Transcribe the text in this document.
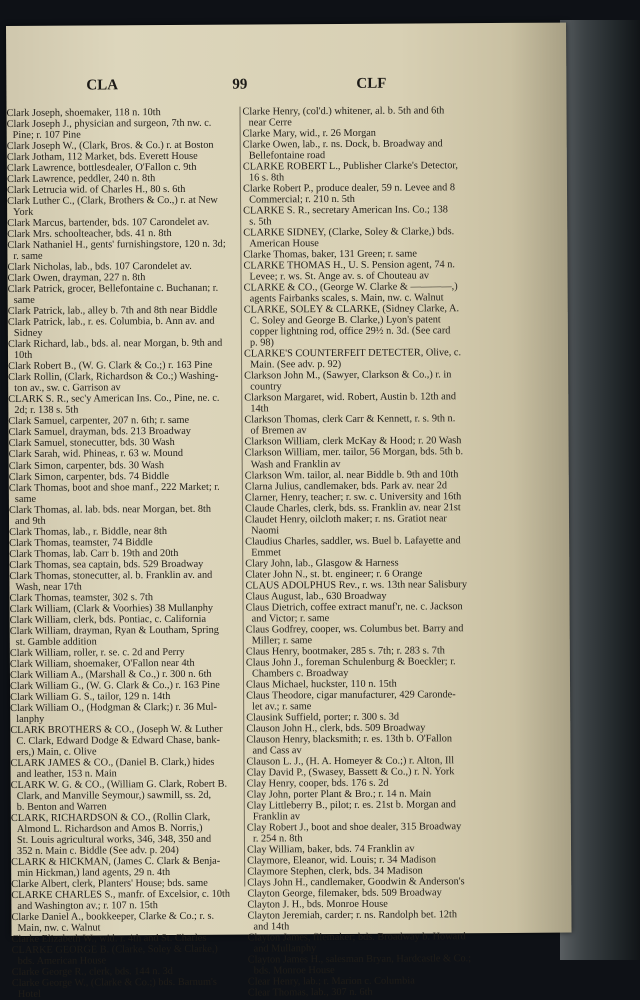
CLA	99	CLF
Clark Joseph, shoemaker, 118 n. 10th
Clark Joseph J., physician and surgeon, 7th nw. c.
Pine; r. 107 Pine
Clark Joseph W., (Clark, Bros. & Co.) r. at Boston
Clark Jotham, 112 Market, bds. Everett House
Clark Lawrence, bottlesdealer, O'Fallon c. 9th
Clark Lawrence, peddler, 240 n. 8th
Clark Letrucia wid. of Charles H., 80 s. 6th
Clark Luther C., (Clark, Brothers & Co.,) r. at New
York
Clark Marcus, bartender, bds. 107 Carondelet av.
Clark Mrs. schoolteacher, bds. 41 n. 8th
Clark Nathaniel H., gents' furnishingstore, 120 n. 3d;
r. same
Clark Nicholas, lab., bds. 107 Carondelet av.
Clark Owen, drayman, 227 n. 8th
Clark Patrick, grocer, Bellefontaine c. Buchanan; r.
same
Clark Patrick, lab., alley b. 7th and 8th near Biddle
Clark Patrick, lab., r. es. Columbia, b. Ann av. and
Sidney
Clark Richard, lab., bds. al. near Morgan, b. 9th and
10th
Clark Robert B., (W. G. Clark & Co.;) r. 163 Pine
Clark Rollin, (Clark, Richardson & Co.;) Washing-
ton av., sw. c. Garrison av
CLARK S. R., sec'y American Ins. Co., Pine, ne. c.
2d; r. 138 s. 5th
Clark Samuel, carpenter, 207 n. 6th; r. same
Clark Samuel, drayman, bds. 213 Broadway
Clark Samuel, stonecutter, bds. 30 Wash
Clark Sarah, wid. Phineas, r. 63 w. Mound
Clark Simon, carpenter, bds. 30 Wash
Clark Simon, carpenter, bds. 74 Biddle
Clark Thomas, boot and shoe manf., 222 Market; r.
same
Clark Thomas, al. lab. bds. near Morgan, bet. 8th
and 9th
Clark Thomas, lab., r. Biddle, near 8th
Clark Thomas, teamster, 74 Biddle
Clark Thomas, lab. Carr b. 19th and 20th
Clark Thomas, sea captain, bds. 529 Broadway
Clark Thomas, stonecutter, al. b. Franklin av. and
Wash, near 17th
Clark Thomas, teamster, 302 s. 7th
Clark William, (Clark & Voorhies) 38 Mullanphy
Clark William, clerk, bds. Pontiac, c. California
Clark William, drayman, Ryan & Loutham, Spring
st. Gamble addition
Clark William, roller, r. se. c. 2d and Perry
Clark William, shoemaker, O'Fallon near 4th
Clark William A., (Marshall & Co.,) r. 300 n. 6th
Clark William G., (W. G. Clark & Co.,) r. 163 Pine
Clark William G. S., tailor, 129 n. 14th
Clark William O., (Hodgman & Clark;) r. 36 Mul-
lanphy
CLARK BROTHERS & CO., (Joseph W. & Luther
C. Clark, Edward Dodge & Edward Chase, bank-
ers,) Main, c. Olive
CLARK JAMES & CO., (Daniel B. Clark,) hides
and leather, 153 n. Main
CLARK W. G. & CO., (William G. Clark, Robert B.
Clark, and Manville Seymour,) sawmill, ss. 2d,
b. Benton and Warren
CLARK, RICHARDSON & CO., (Rollin Clark,
Almond L. Richardson and Amos B. Norris,)
St. Louis agricultural works, 346, 348, 350 and
352 n. Main c. Biddle (See adv. p. 204)
CLARK & HICKMAN, (James C. Clark & Benja-
min Hickman,) land agents, 29 n. 4th
Clarke Albert, clerk, Planters' House; bds. same
CLARKE CHARLES S., manfr. of Excelsior, c. 10th
and Washington av.; r. 107 n. 15th
Clarke Daniel A., bookkeeper, Clarke & Co.; r. s.
Main, nw. c. Walnut
Clarke Elizabeth W., wid. r. 4th and St. Charles
CLARKE GEORGE B. (Clarke, Soley & Clarke,)
bds. American House
Clarke George R., clerk, bds. 144 n. 3d
Clarke George W., (Clarke & Co.;) bds. Barnum's
Hotel
Clarke Henry, (col'd.) whitener, al. b. 5th and 6th
near Cerre
Clarke Mary, wid., r. 26 Morgan
Clarke Owen, lab., r. ns. Dock, b. Broadway and
Bellefontaine road
CLARKE ROBERT L., Publisher Clarke's Detector,
16 s. 8th
Clarke Robert P., produce dealer, 59 n. Levee and 8
Commercial; r. 210 n. 5th
CLARKE S. R., secretary American Ins. Co.; 138
s. 5th
CLARKE SIDNEY, (Clarke, Soley & Clarke,) bds.
American House
Clarke Thomas, baker, 131 Green; r. same
CLARKE THOMAS H., U. S. Pension agent, 74 n.
Levee; r. ws. St. Ange av. s. of Chouteau av
CLARKE & CO., (George W. Clarke & ————,)
agents Fairbanks scales, s. Main, nw. c. Walnut
CLARKE, SOLEY & CLARKE, (Sidney Clarke, A.
C. Soley and George B. Clarke,) Lyon's patent
copper lightning rod, office 29½ n. 3d. (See card
p. 98)
CLARKE'S COUNTERFEIT DETECTER, Olive, c.
Main. (See adv. p. 92)
Clarkson John M., (Sawyer, Clarkson & Co.,) r. in
country
Clarkson Margaret, wid. Robert, Austin b. 12th and
14th
Clarkson Thomas, clerk Carr & Kennett, r. s. 9th n.
of Bremen av
Clarkson William, clerk McKay & Hood; r. 20 Wash
Clarkson William, mer. tailor, 56 Morgan, bds. 5th b.
Wash and Franklin av
Clarkson Wm. tailor, al. near Biddle b. 9th and 10th
Clarna Julius, candlemaker, bds. Park av. near 2d
Clarner, Henry, teacher; r. sw. c. University and 16th
Claude Charles, clerk, bds. ss. Franklin av. near 21st
Claudet Henry, oilcloth maker; r. ns. Gratiot near
Naomi
Claudius Charles, saddler, ws. Buel b. Lafayette and
Emmet
Clary John, lab., Glasgow & Harness
Clater John N., st. bt. engineer; r. 6 Orange
CLAUS ADOLPHUS Rev., r. ws. 13th near Salisbury
Claus August, lab., 630 Broadway
Claus Dietrich, coffee extract manuf'r, ne. c. Jackson
and Victor; r. same
Claus Godfrey, cooper, ws. Columbus bet. Barry and
Miller; r. same
Claus Henry, bootmaker, 285 s. 7th; r. 283 s. 7th
Claus John J., foreman Schulenburg & Boeckler; r.
Chambers c. Broadway
Claus Michael, huckster, 110 n. 15th
Claus Theodore, cigar manufacturer, 429 Caronde-
let av.; r. same
Clausink Suffield, porter; r. 300 s. 3d
Clauson John H., clerk, bds. 509 Broadway
Clauson Henry, blacksmith; r. es. 13th b. O'Fallon
and Cass av
Clauson L. J., (H. A. Homeyer & Co.;) r. Alton, Ill
Clay David P., (Swasey, Bassett & Co.,) r. N. York
Clay Henry, cooper, bds. 176 s. 2d
Clay John, porter Plant & Bro.; r. 14 n. Main
Clay Littleberry B., pilot; r. es. 21st b. Morgan and
Franklin av
Clay Robert J., boot and shoe dealer, 315 Broadway
r. 254 n. 8th
Clay William, baker, bds. 74 Franklin av
Claymore, Eleanor, wid. Louis; r. 34 Madison
Claymore Stephen, clerk, bds. 34 Madison
Clays John H., candlemaker, Goodwin & Anderson's
Clayton George, filemaker, bds. 509 Broadway
Clayton J. H., bds. Monroe House
Clayton Jeremiah, carder; r. ns. Randolph bet. 12th
and 14th
Clayton James, filemaker; bds. Broadway b. Howard
and Mullanphy
Clayton James H., salesman Bryan, Hardcastle & Co.;
bds. Monroe House
Clear Henry, lab.; r. Marion c. Columbia
Clear Thomas, lab., 307 n. 6th
